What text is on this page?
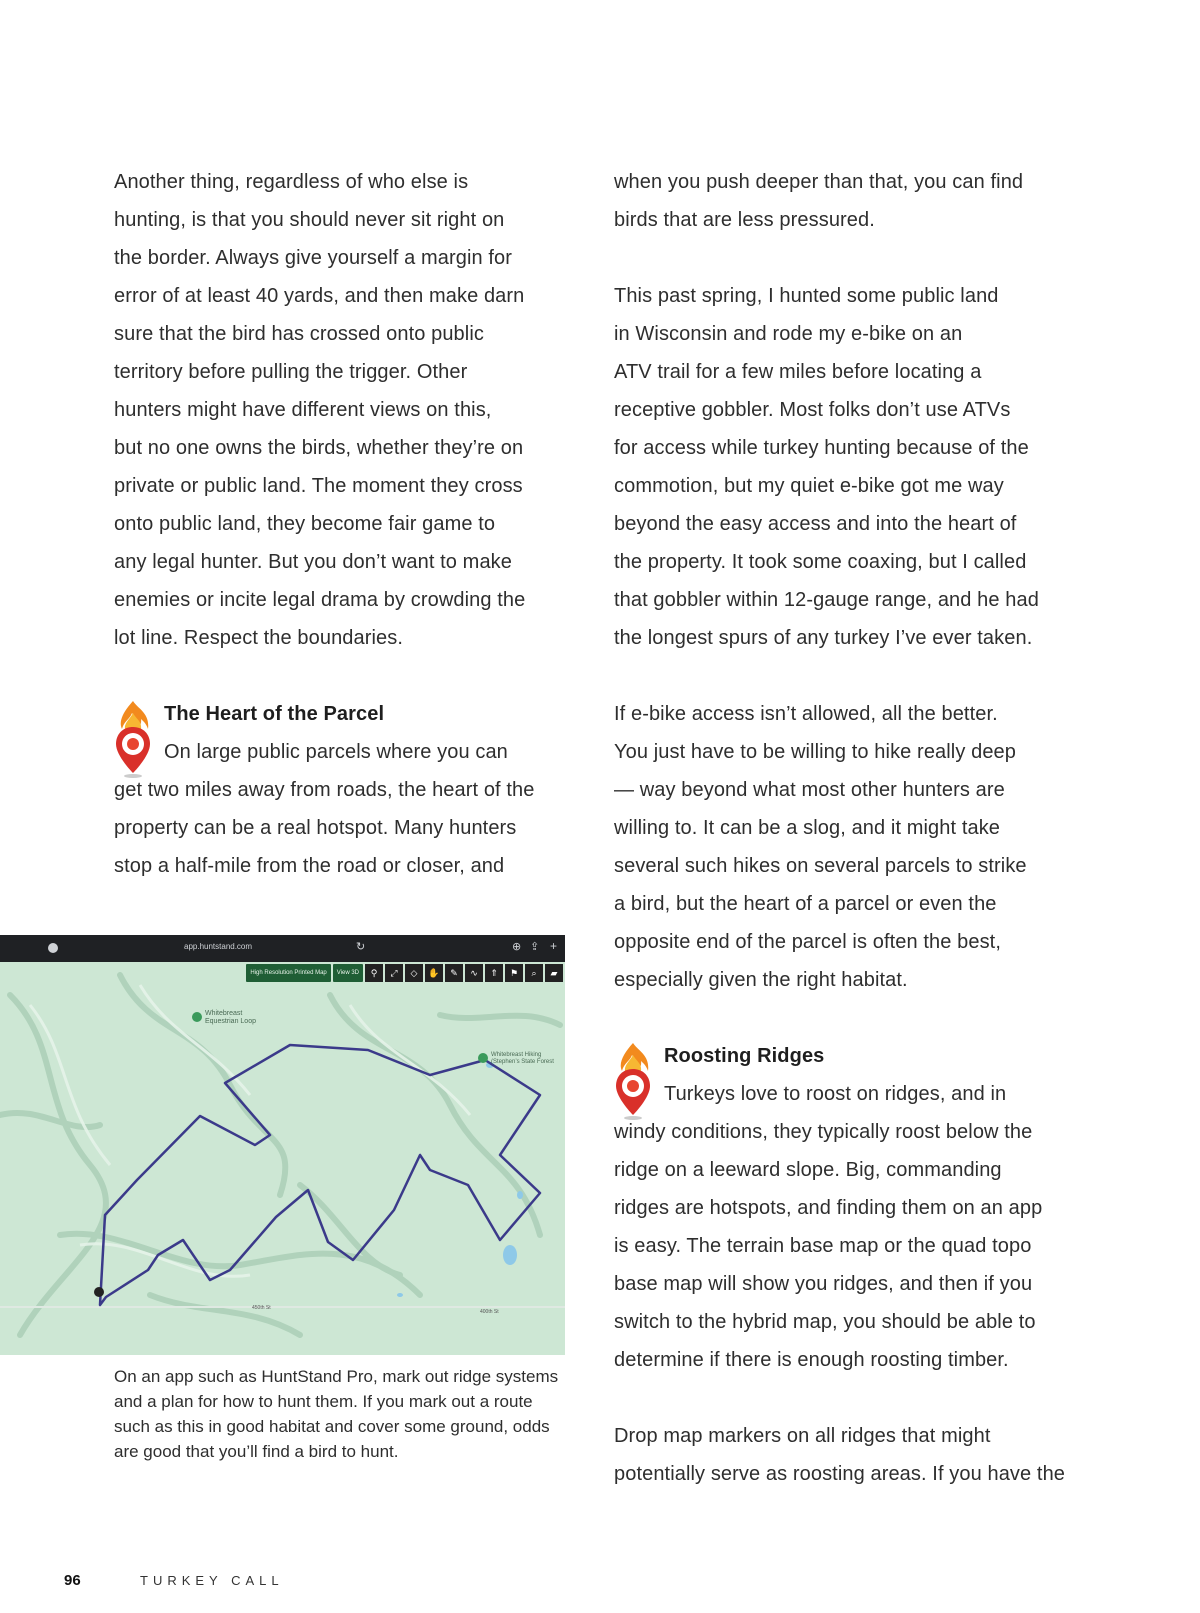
Another thing, regardless of who else is
hunting, is that you should never sit right on
the border. Always give yourself a margin for
error of at least 40 yards, and then make darn
sure that the bird has crossed onto public
territory before pulling the trigger. Other
hunters might have different views on this,
but no one owns the birds, whether they’re on
private or public land. The moment they cross
onto public land, they become fair game to
any legal hunter. But you don’t want to make
enemies or incite legal drama by crowding the
lot line. Respect the boundaries.

The Heart of the Parcel

On large public parcels where you can

get two miles away from roads, the heart of the

property can be a real hotspot. Many hunters

stop a half-mile from the road or closer, and

app.huntstand.com	↻	⊕ ⇪ +
High Resolution Printed Map	View 3D	⚲	⤢	◇	✋	✎	∿	⇑	⚑	⌕	▰
Whitebreast Equestrian Loop
Whitebreast Hiking (Stephen’s State Forest
450th St
400th St
On an app such as HuntStand Pro, mark out ridge systems and a plan for how to hunt them. If you mark out a route such as this in good habitat and cover some ground, odds are good that you’ll find a bird to hunt.

when you push deeper than that, you can find
birds that are less pressured.

This past spring, I hunted some public land
in Wisconsin and rode my e-bike on an
ATV trail for a few miles before locating a
receptive gobbler. Most folks don’t use ATVs
for access while turkey hunting because of the
commotion, but my quiet e-bike got me way
beyond the easy access and into the heart of
the property. It took some coaxing, but I called
that gobbler within 12-gauge range, and he had
the longest spurs of any turkey I’ve ever taken.

If e-bike access isn’t allowed, all the better.
You just have to be willing to hike really deep
— way beyond what most other hunters are
willing to. It can be a slog, and it might take
several such hikes on several parcels to strike
a bird, but the heart of a parcel or even the
opposite end of the parcel is often the best,
especially given the right habitat.

Roosting Ridges

Turkeys love to roost on ridges, and in

windy conditions, they typically roost below the

ridge on a leeward slope. Big, commanding

ridges are hotspots, and finding them on an app

is easy. The terrain base map or the quad topo

base map will show you ridges, and then if you

switch to the hybrid map, you should be able to

determine if there is enough roosting timber.

Drop map markers on all ridges that might
potentially serve as roosting areas. If you have the

96	TURKEY CALL
